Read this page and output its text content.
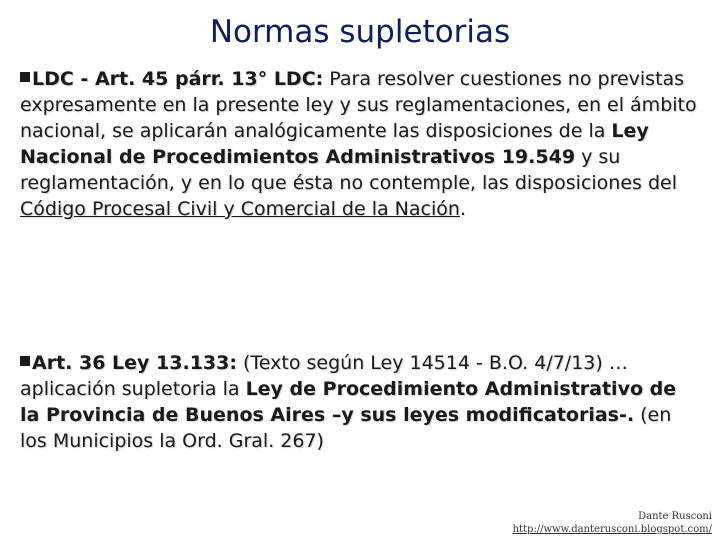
Normas supletorias

LDC - Art. 45 párr. 13° LDC: Para resolver cuestiones no previstas expresamente en la presente ley y sus reglamentaciones, en el ámbito nacional, se aplicarán analógicamente las disposiciones de la Ley Nacional de Procedimientos Administrativos 19.549 y su reglamentación, y en lo que ésta no contemple, las disposiciones del Código Procesal Civil y Comercial de la Nación.

Art. 36 Ley 13.133: (Texto según Ley 14514 - B.O. 4/7/13) …aplicación supletoria la Ley de Procedimiento Administrativo de la Provincia de Buenos Aires –y sus leyes modificatorias-. (en los Municipios la Ord. Gral. 267)

Dante Rusconi
http://www.danterusconi.blogspot.com/
